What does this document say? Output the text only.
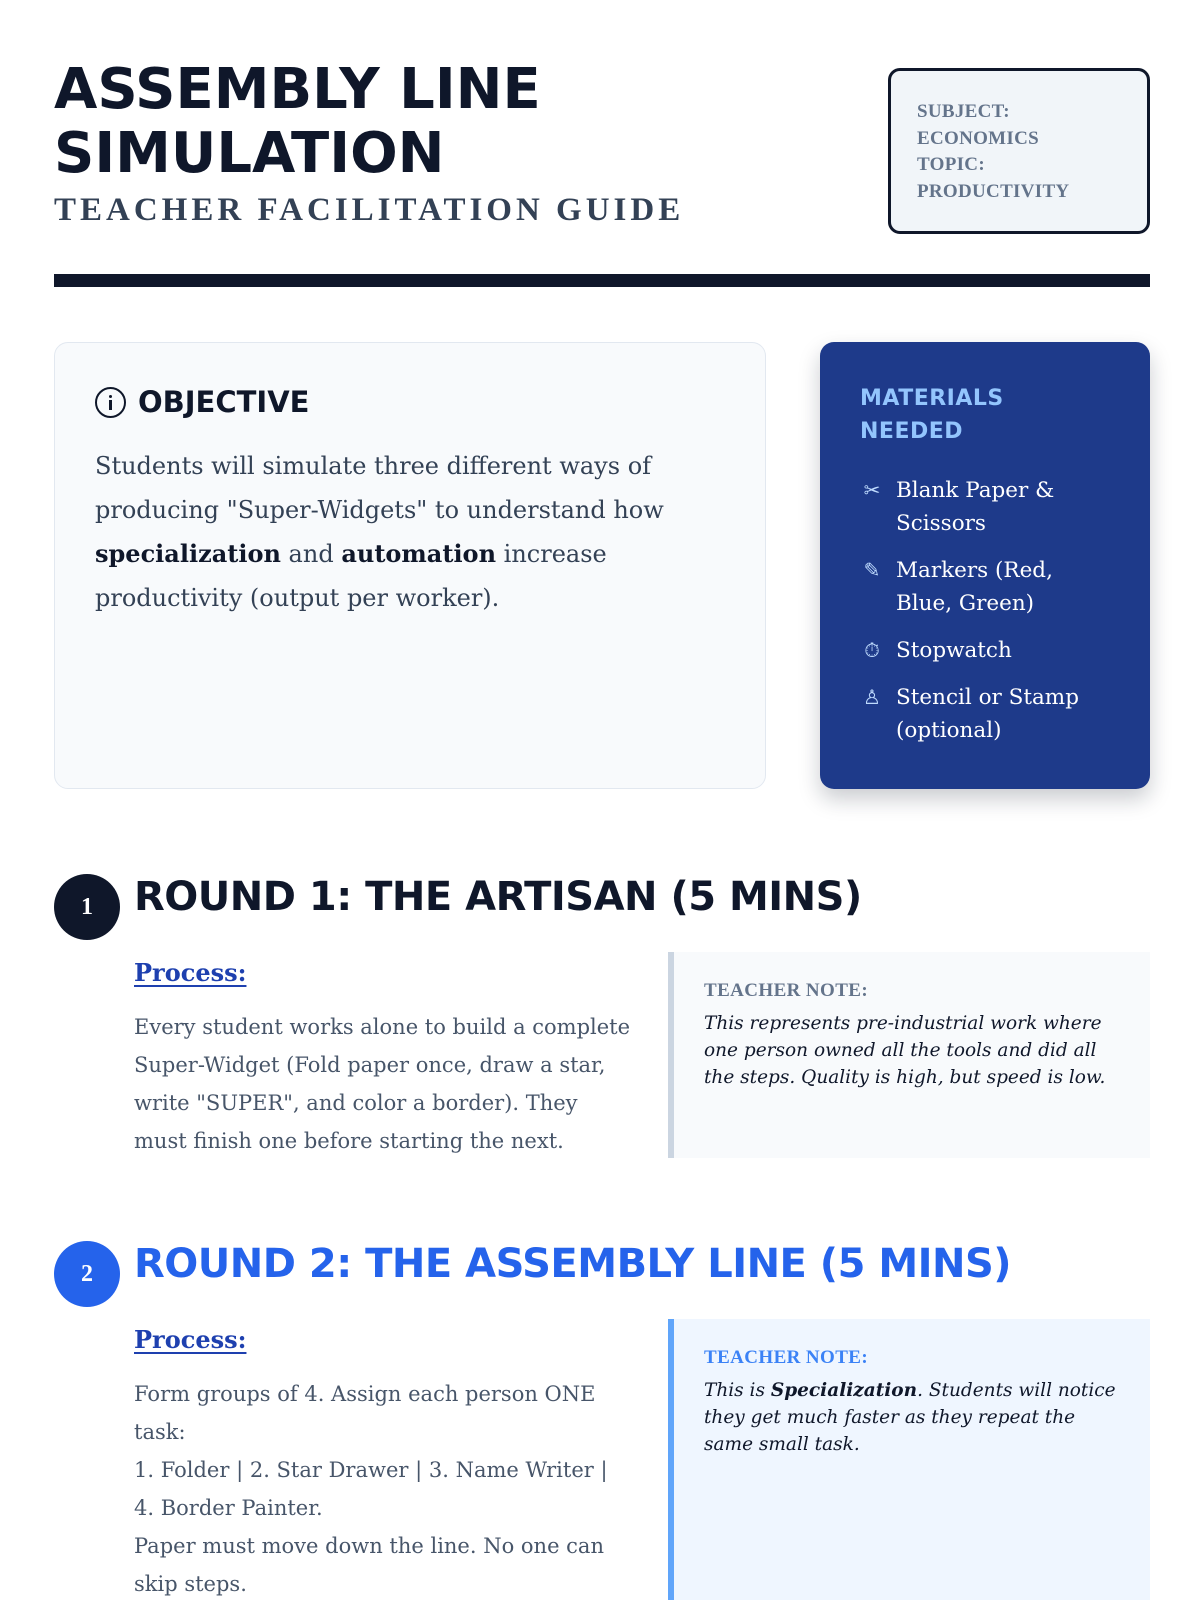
ASSEMBLY LINE
SIMULATION
TEACHER FACILITATION GUIDE
SUBJECT:
ECONOMICS
TOPIC:
PRODUCTIVITY
OBJECTIVE

Students will simulate three different ways of producing "Super-Widgets" to understand how specialization and automation increase productivity (output per worker).

MATERIALS NEEDED
✂ Blank Paper & Scissors
✎ Markers (Red, Blue, Green)
⏱ Stopwatch
♙ Stencil or Stamp (optional)
1	ROUND 1: THE ARTISAN (5 MINS)
Process:
Every student works alone to build a complete Super-Widget (Fold paper once, draw a star, write "SUPER", and color a border). They must finish one before starting the next.
TEACHER NOTE:
This represents pre-industrial work where one person owned all the tools and did all the steps. Quality is high, but speed is low.
2	ROUND 2: THE ASSEMBLY LINE (5 MINS)
Process:
Form groups of 4. Assign each person ONE task:
1. Folder | 2. Star Drawer | 3. Name Writer | 4. Border Painter.
Paper must move down the line. No one can skip steps.
TEACHER NOTE:
This is Specialization. Students will notice they get much faster as they repeat the same small task.
